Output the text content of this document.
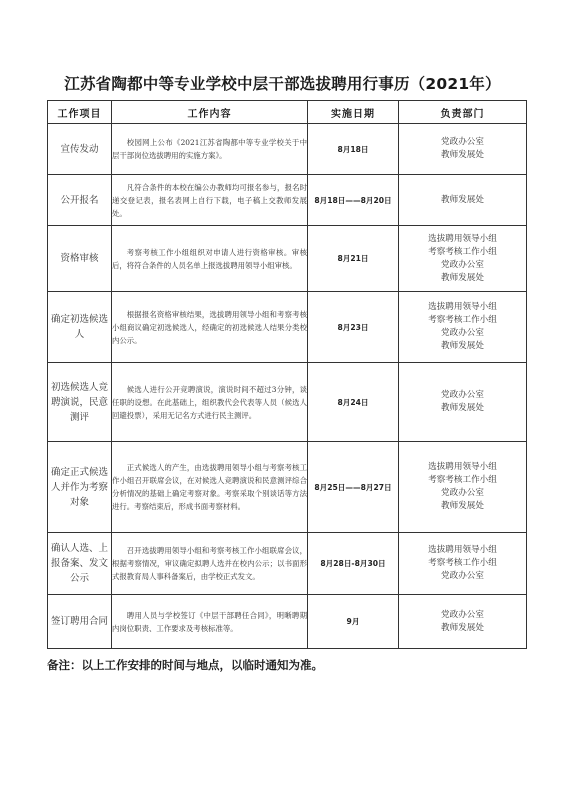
江苏省陶都中等专业学校中层干部选拔聘用行事历（2021年）
工作项目	工作内容	实施日期	负责部门
宣传发动	校园网上公布《2021江苏省陶都中等专业学校关于中层干部岗位选拔聘用的实施方案》。	8月18日	党政办公室
教师发展处

公开报名	凡符合条件的本校在编公办教师均可报名参与，报名时递交登记表，报名表网上自行下载，电子稿上交教师发展处。	8月18日——8月20日	教师发展处

资格审核	考察考核工作小组组织对申请人进行资格审核。审核后，将符合条件的人员名单上报选拔聘用领导小组审核。	8月21日	选拔聘用领导小组
考察考核工作小组
党政办公室
教师发展处

确定初选候选人	根据报名资格审核结果，选拔聘用领导小组和考察考核小组商议确定初选候选人，经确定的初选候选人结果分类校内公示。	8月23日	选拔聘用领导小组
考察考核工作小组
党政办公室
教师发展处

初选候选人竞聘演说，民意测评	候选人进行公开竞聘演说，演说时间不超过3分钟，谈任职的设想。在此基础上，组织教代会代表等人员（候选人回避投票），采用无记名方式进行民主测评。	8月24日	党政办公室
教师发展处

确定正式候选人并作为考察对象	正式候选人的产生，由选拔聘用领导小组与考察考核工作小组召开联席会议，在对候选人竞聘演说和民意测评综合分析情况的基础上确定考察对象。考察采取个别谈话等方法进行。考察结束后，形成书面考察材料。	8月25日——8月27日	选拔聘用领导小组
考察考核工作小组
党政办公室
教师发展处

确认人选、上报备案、发文公示	召开选拔聘用领导小组和考察考核工作小组联席会议，根据考察情况，审议确定拟聘人选并在校内公示；以书面形式报教育局人事科备案后，由学校正式发文。	8月28日-8月30日	选拔聘用领导小组
考察考核工作小组
党政办公室

签订聘用合同	聘用人员与学校签订《中层干部聘任合同》，明晰聘期内岗位职责、工作要求及考核标准等。	9月	党政办公室
教师发展处
备注：以上工作安排的时间与地点，以临时通知为准。
